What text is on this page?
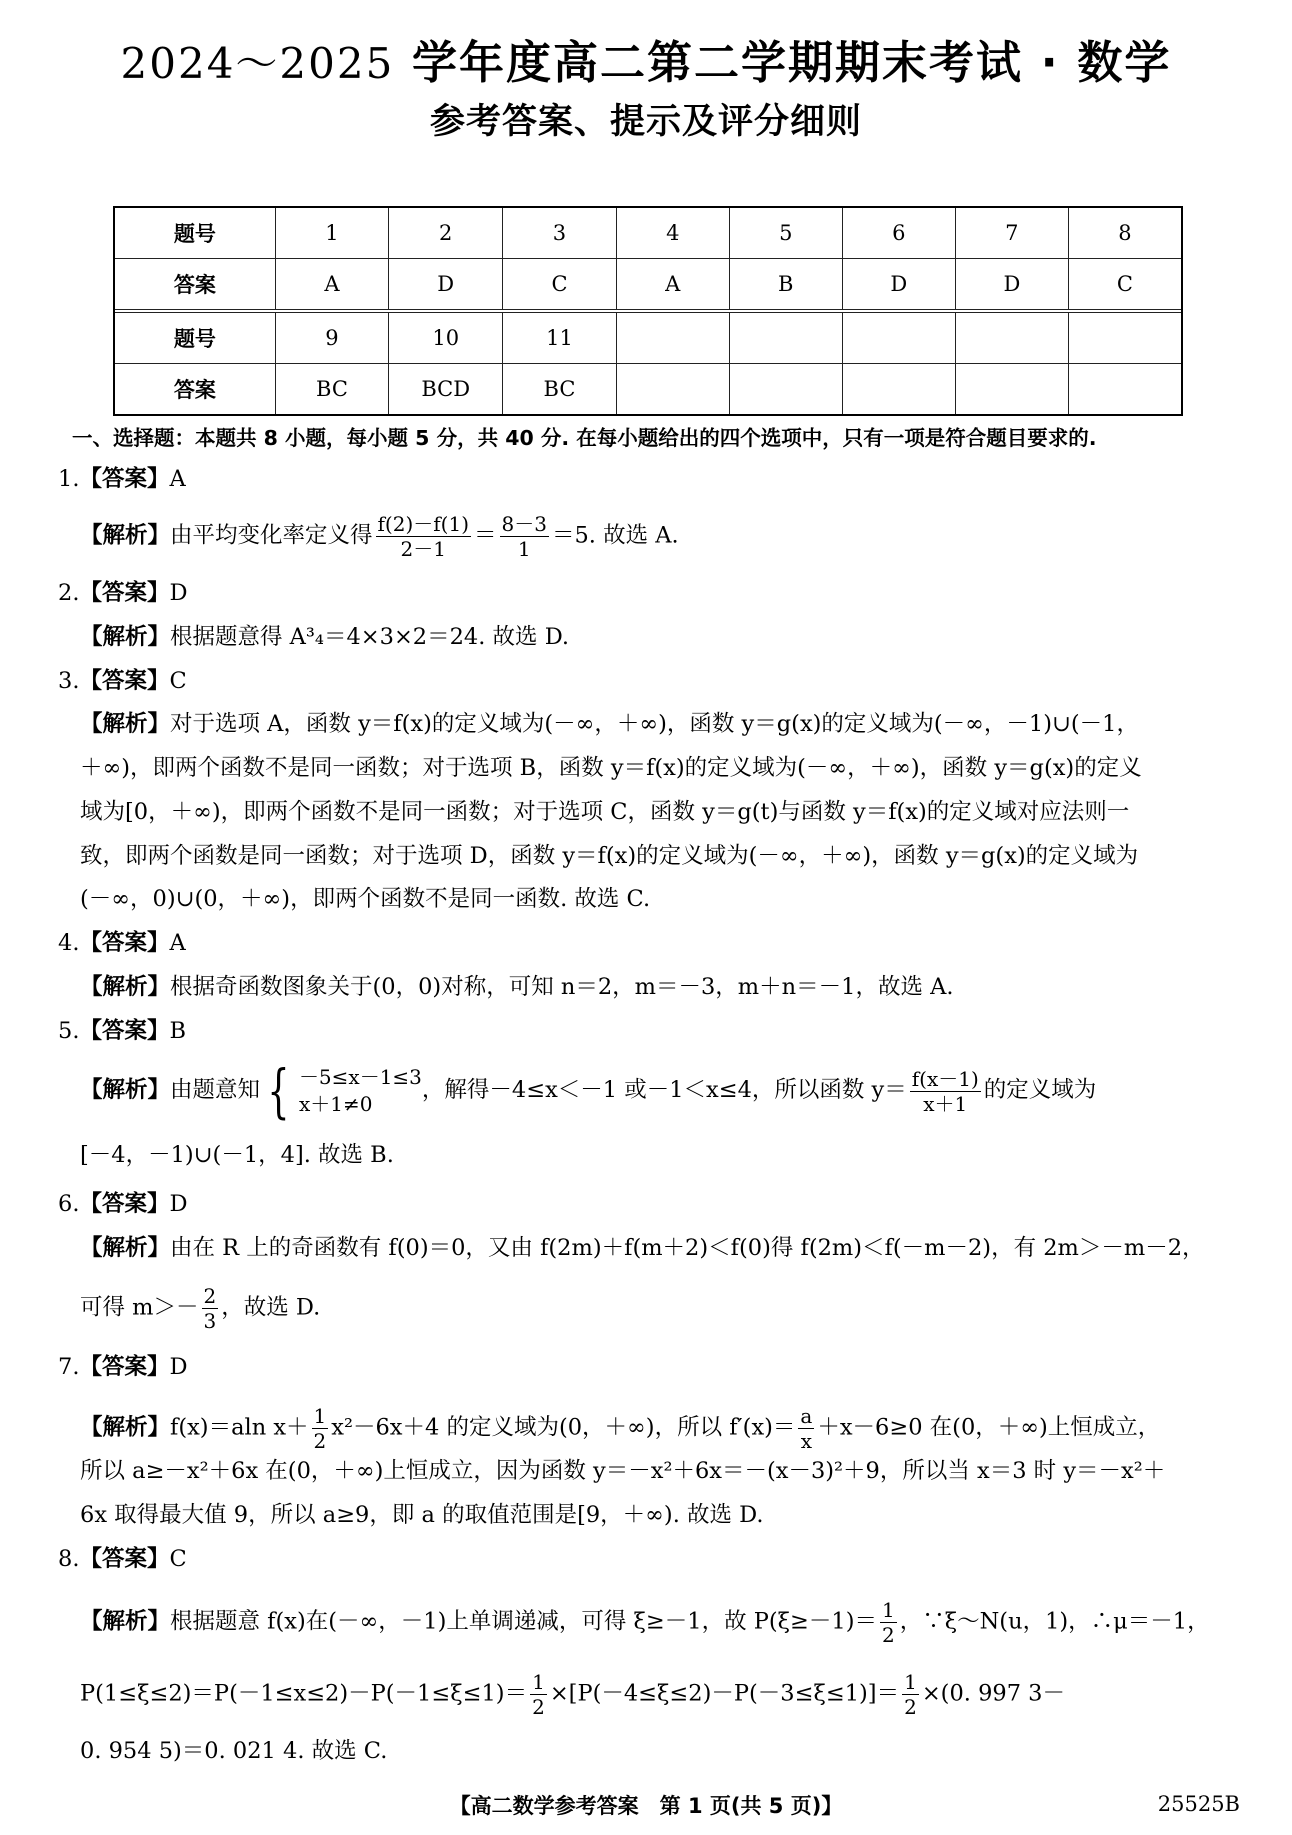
2024～2025 学年度高二第二学期期末考试 · 数学
参考答案、提示及评分细则
题号	1	2	3	4	5	6	7	8
答案	A	D	C	A	B	D	D	C

题号	9	10	11					
答案	BC	BCD	BC					
一、选择题：本题共 8 小题，每小题 5 分，共 40 分. 在每小题给出的四个选项中，只有一项是符合题目要求的.
1.【答案】A
【解析】由平均变化率定义得 $\frac{f(2)-f(1)}{2-1} = \frac{8-3}{1} =5$. 故选 A.
2.【答案】D
【解析】根据题意得 A³₄＝4×3×2＝24. 故选 D.
3.【答案】C
【解析】对于选项 A，函数 y＝f(x)的定义域为(－∞，＋∞)，函数 y＝g(x)的定义域为(－∞，－1)∪(－1，
＋∞)，即两个函数不是同一函数；对于选项 B，函数 y＝f(x)的定义域为(－∞，＋∞)，函数 y＝g(x)的定义
域为[0，＋∞)，即两个函数不是同一函数；对于选项 C，函数 y＝g(t)与函数 y＝f(x)的定义域对应法则一
致，即两个函数是同一函数；对于选项 D，函数 y＝f(x)的定义域为(－∞，＋∞)，函数 y＝g(x)的定义域为
(－∞，0)∪(0，＋∞)，即两个函数不是同一函数. 故选 C.
4.【答案】A
【解析】根据奇函数图象关于(0，0)对称，可知 n＝2，m＝－3，m＋n＝－1，故选 A.
5.【答案】B
【解析】由题意知 { －5≤x－1≤3
x＋1≠0
，解得－4≤x＜－1 或－1＜x≤4，所以函数 $y= \frac{f(x-1)}{x+1}$ 的定义域为
[－4，－1)∪(－1，4]. 故选 B.
6.【答案】D
【解析】由在 R 上的奇函数有 f(0)＝0，又由 f(2m)＋f(m＋2)＜f(0)得 f(2m)＜f(－m－2)，有 2m＞－m－2，
可得 $m>- \frac{2}{3}$ ，故选 D.
7.【答案】D
【解析】f(x)＝aln $x+ \frac{1}{2} x^2-6x+4$ 的定义域为(0，＋∞)，所以 $f'(x)= \frac{a}{x} +x-6\ge 0$ 在(0，＋∞)上恒成立，
所以 a≥－x²＋6x 在(0，＋∞)上恒成立，因为函数 y＝－x²＋6x＝－(x－3)²＋9，所以当 x＝3 时 y＝－x²＋
6x 取得最大值 9，所以 a≥9，即 a 的取值范围是[9，＋∞). 故选 D.
8.【答案】C
【解析】根据题意 f(x)在(－∞，－1)上单调递减，可得 ξ≥－1，故 $P(\xi\ge-1)= \frac{1}{2}$ ，∵ξ～N(u，1)，∴μ＝－1，
$P(1\le\xi\le 2)=P(-1\le x\le 2)-P(-1\le\xi\le 1)= \frac{1}{2} \times[P(-4\le\xi\le 2)-P(-3\le\xi\le 1)]= \frac{1}{2} \times(0$. 997 3－
0. 954 5)＝0. 021 4. 故选 C.
【高二数学参考答案　第 1 页(共 5 页)】	25525B
